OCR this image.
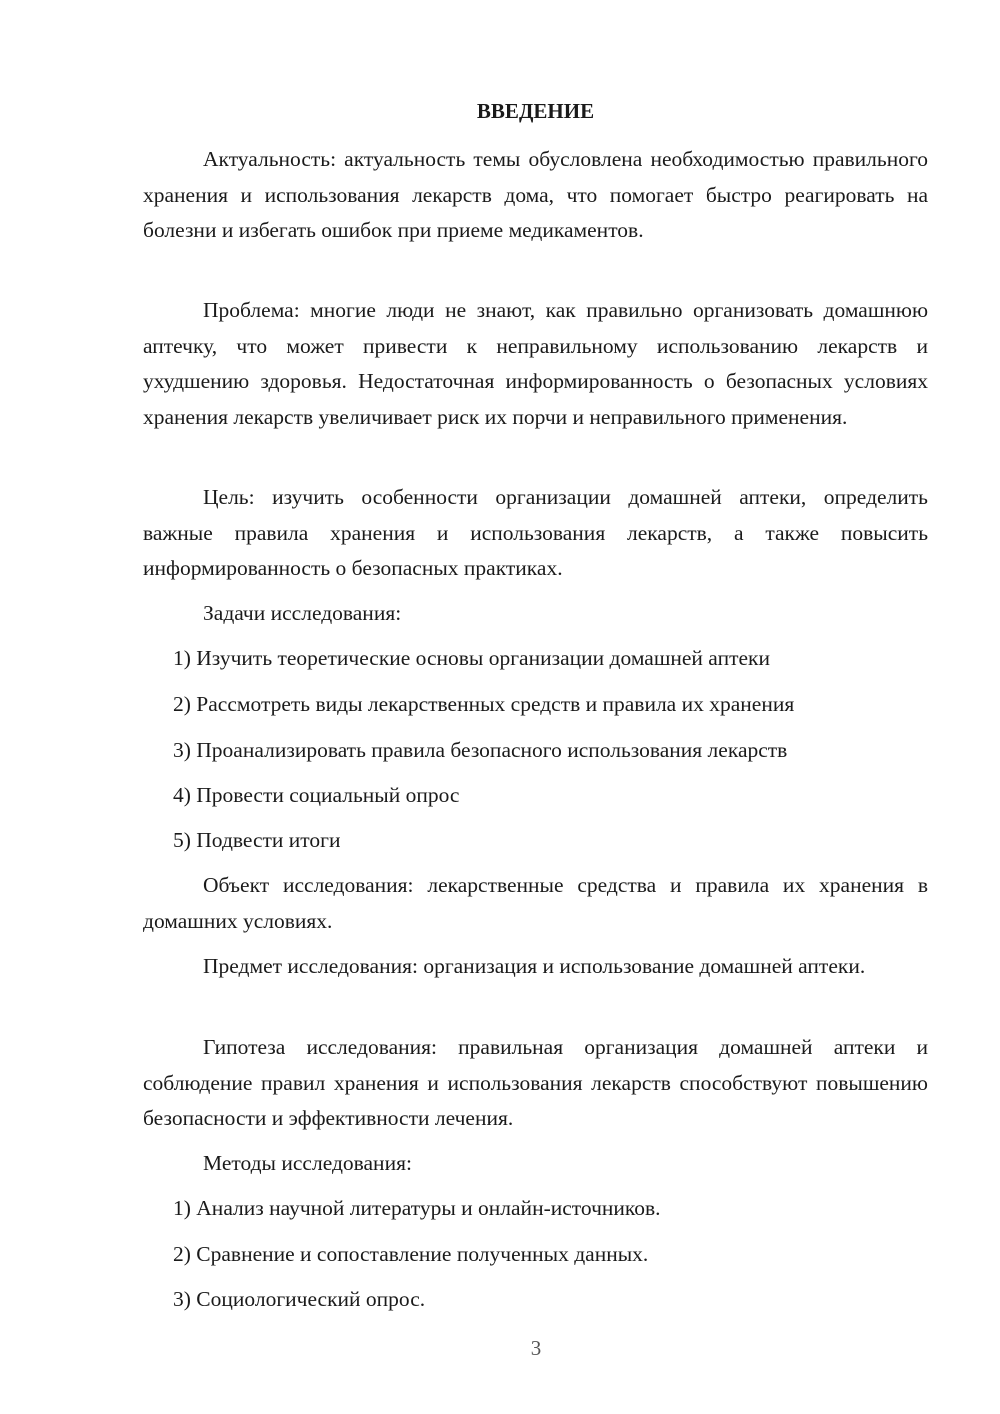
ВВЕДЕНИЕ

Актуальность: актуальность темы обусловлена необходимостью правильного хранения и использования лекарств дома, что помогает быстро реагировать на болезни и избегать ошибок при приеме медикаментов.

Проблема: многие люди не знают, как правильно организовать домашнюю аптечку, что может привести к неправильному использованию лекарств и ухудшению здоровья. Недостаточная информированность о безопасных условиях хранения лекарств увеличивает риск их порчи и неправильного применения.

Цель: изучить особенности организации домашней аптеки, определить важные правила хранения и использования лекарств, а также повысить информированность о безопасных практиках.

Задачи исследования:

1) Изучить теоретические основы организации домашней аптеки

2) Рассмотреть виды лекарственных средств и правила их хранения

3) Проанализировать правила безопасного использования лекарств

4) Провести социальный опрос

5) Подвести итоги

Объект исследования: лекарственные средства и правила их хранения в домашних условиях.

Предмет исследования: организация и использование домашней аптеки.

Гипотеза исследования: правильная организация домашней аптеки и соблюдение правил хранения и использования лекарств способствуют повышению безопасности и эффективности лечения.

Методы исследования:

1) Анализ научной литературы и онлайн-источников.

2) Сравнение и сопоставление полученных данных.

3) Социологический опрос.

3
